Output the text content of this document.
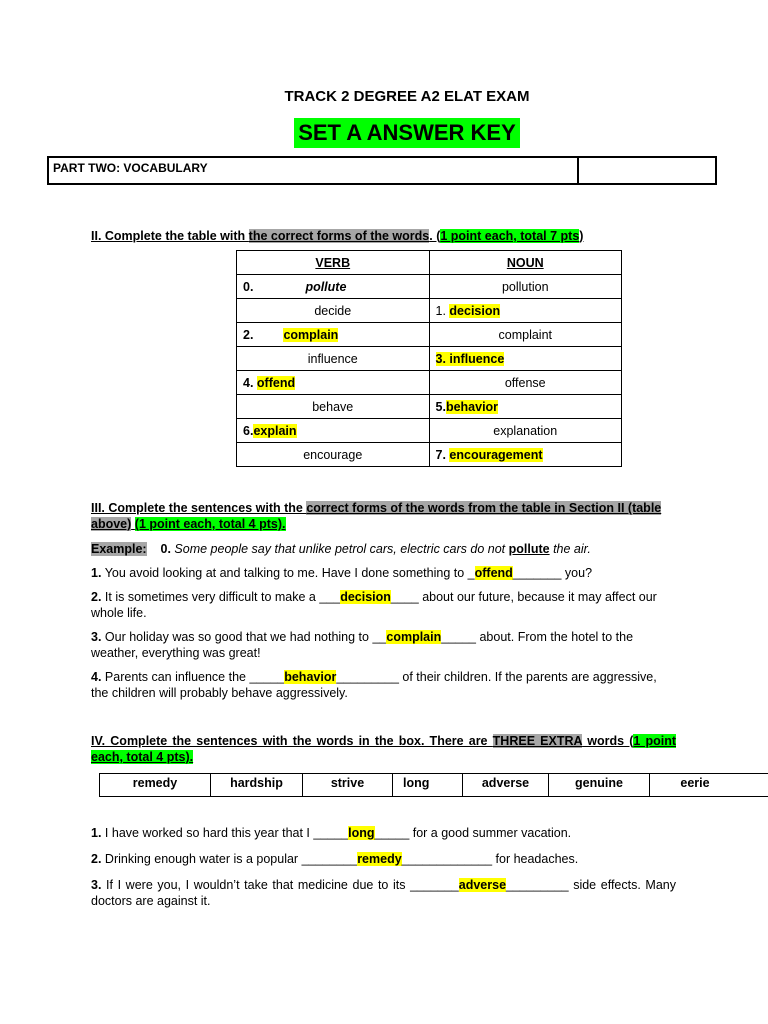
TRACK 2 DEGREE A2 ELAT EXAM
SET A ANSWER KEY
PART TWO: VOCABULARY
II. Complete the table with the correct forms of the words. (1 point each, total 7 pts)
VERB	NOUN
0. pollute	pollution
decide	1. decision
2. complain	complaint
influence	3. influence
4. offend	offense
behave	5.behavior
6.explain	explanation
encourage	7. encouragement
III. Complete the sentences with the correct forms of the words from the table in Section II (table above) (1 point each, total 4 pts).
Example: 0. Some people say that unlike petrol cars, electric cars do not pollute the air.
1. You avoid looking at and talking to me. Have I done something to _offend_______ you?
2. It is sometimes very difficult to make a ___decision____ about our future, because it may affect our whole life.
3. Our holiday was so good that we had nothing to __complain_____ about. From the hotel to the weather, everything was great!
4. Parents can influence the _____behavior_________ of their children. If the parents are aggressive, the children will probably behave aggressively.
IV. Complete the sentences with the words in the box. There are THREE EXTRA words (1 point each, total 4 pts).
remedy	hardship	strive	long	adverse	genuine	eerie
1. I have worked so hard this year that I _____long_____ for a good summer vacation.
2. Drinking enough water is a popular ________remedy_____________ for headaches.
3. If I were you, I wouldn’t take that medicine due to its _______adverse_________ side effects. Many doctors are against it.
